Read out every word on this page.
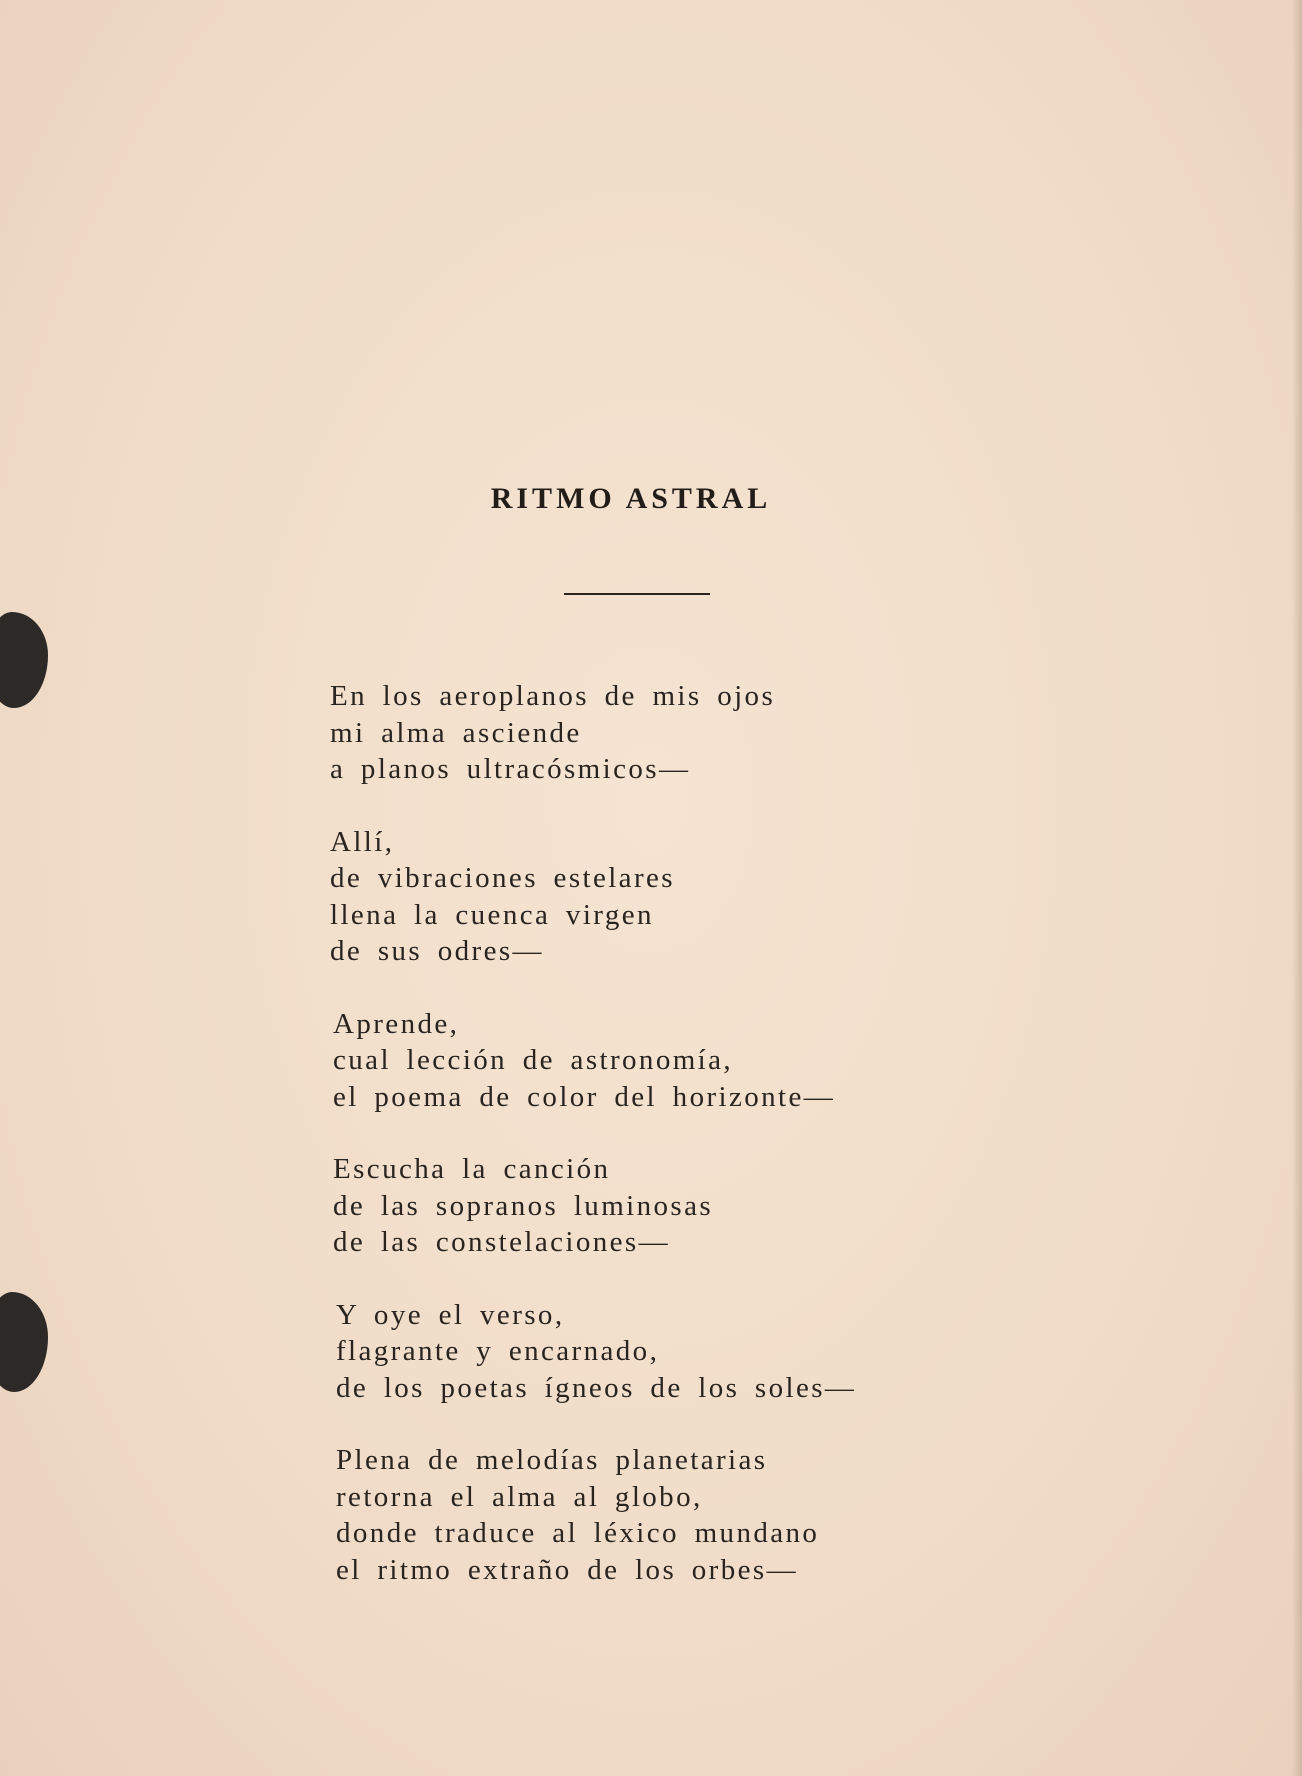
RITMO ASTRAL
En los aeroplanos de mis ojos
mi alma asciende
a planos ultracósmicos—
Allí,
de vibraciones estelares
llena la cuenca virgen
de sus odres—
Aprende,
cual lección de astronomía,
el poema de color del horizonte—
Escucha la canción
de las sopranos luminosas
de las constelaciones—
Y oye el verso,
flagrante y encarnado,
de los poetas ígneos de los soles—
Plena de melodías planetarias
retorna el alma al globo,
donde traduce al léxico mundano
el ritmo extraño de los orbes—
